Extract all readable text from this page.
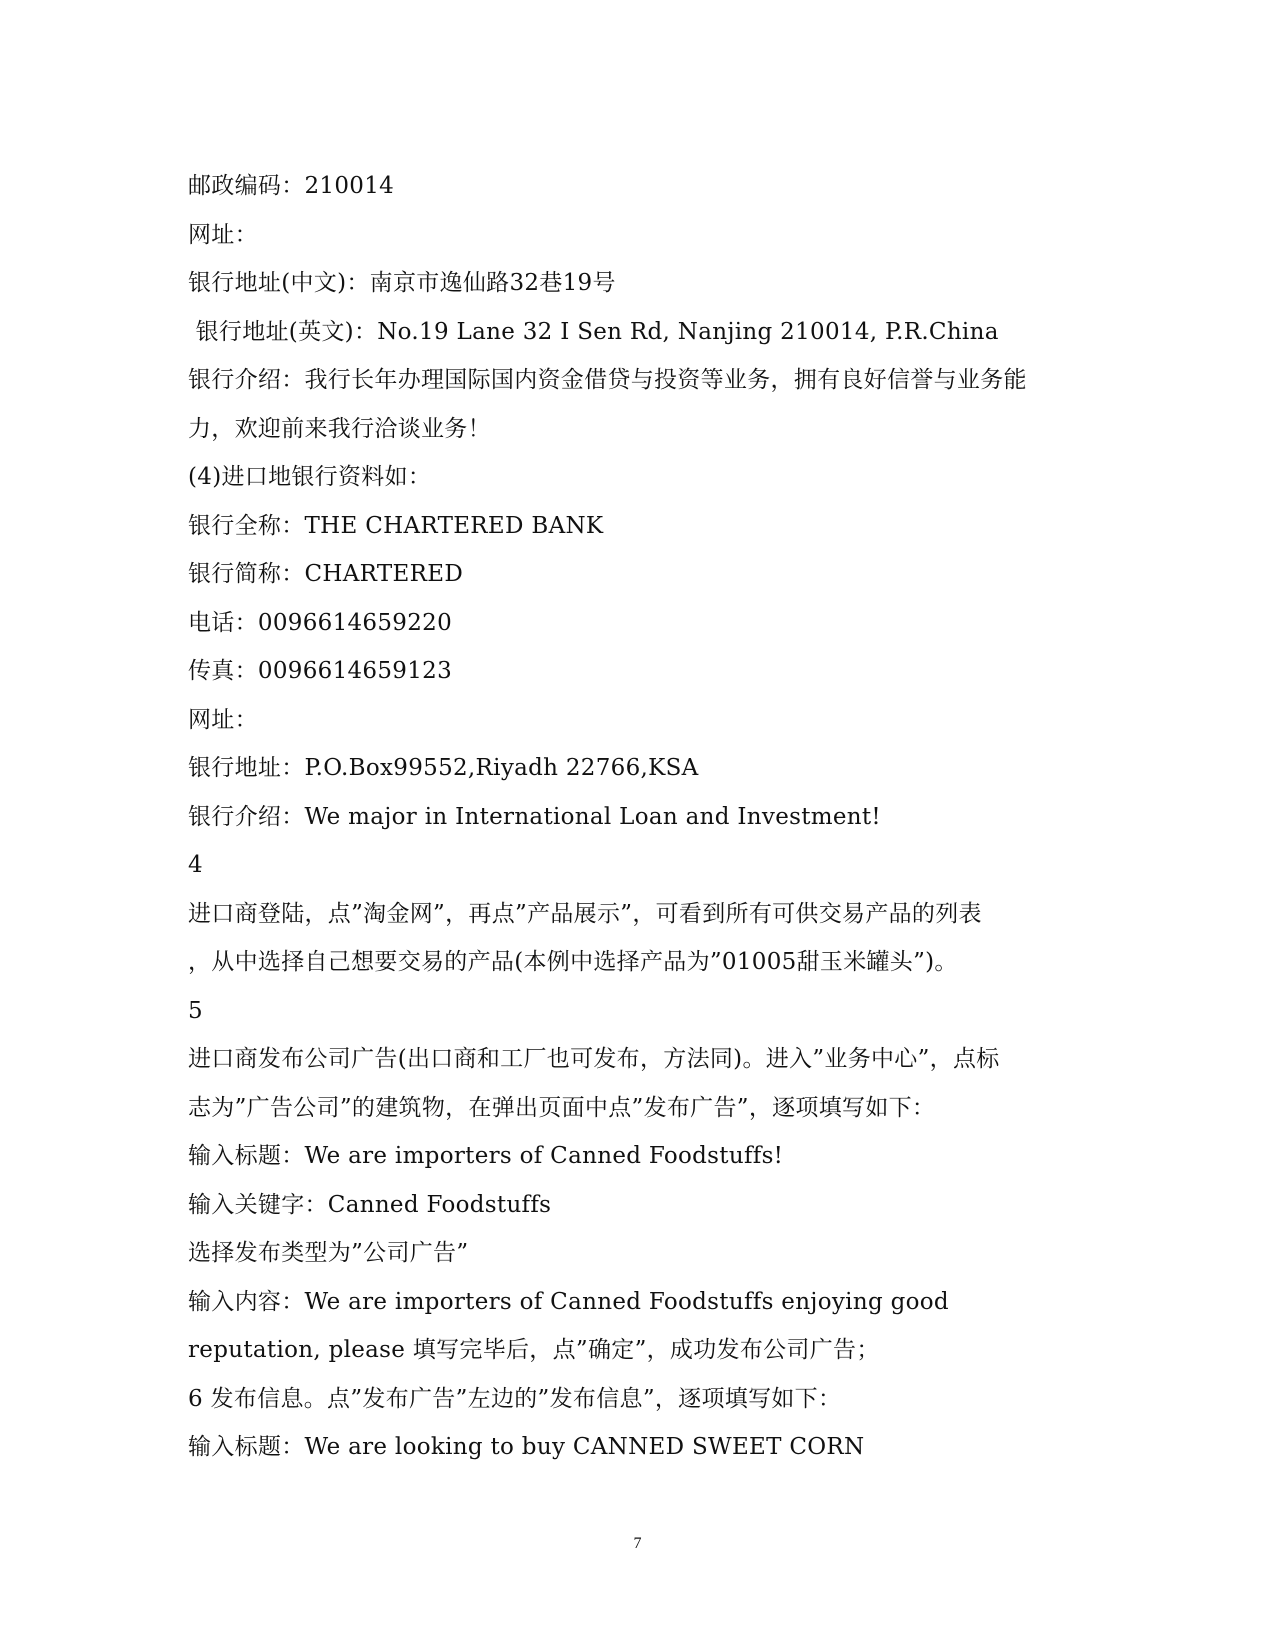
邮政编码：210014
网址：
银行地址(中文)：南京市逸仙路32巷19号
银行地址(英文)：No.19 Lane 32 I Sen Rd, Nanjing 210014, P.R.China
银行介绍：我行长年办理国际国内资金借贷与投资等业务，拥有良好信誉与业务能
力，欢迎前来我行洽谈业务！
(4)进口地银行资料如：
银行全称：THE CHARTERED BANK
银行简称：CHARTERED
电话：0096614659220
传真：0096614659123
网址：
银行地址：P.O.Box99552,Riyadh 22766,KSA
银行介绍：We major in International Loan and Investment!
4
进口商登陆，点”淘金网”，再点”产品展示”，可看到所有可供交易产品的列表
，从中选择自己想要交易的产品(本例中选择产品为”01005甜玉米罐头”)。
5
进口商发布公司广告(出口商和工厂也可发布，方法同)。进入”业务中心”，点标
志为”广告公司”的建筑物，在弹出页面中点”发布广告”，逐项填写如下：
输入标题：We are importers of Canned Foodstuffs!
输入关键字：Canned Foodstuffs
选择发布类型为”公司广告”
输入内容：We are importers of Canned Foodstuffs enjoying good
reputation, please 填写完毕后，点”确定”，成功发布公司广告；
6 发布信息。点”发布广告”左边的”发布信息”，逐项填写如下：
输入标题：We are looking to buy CANNED SWEET CORN
7
